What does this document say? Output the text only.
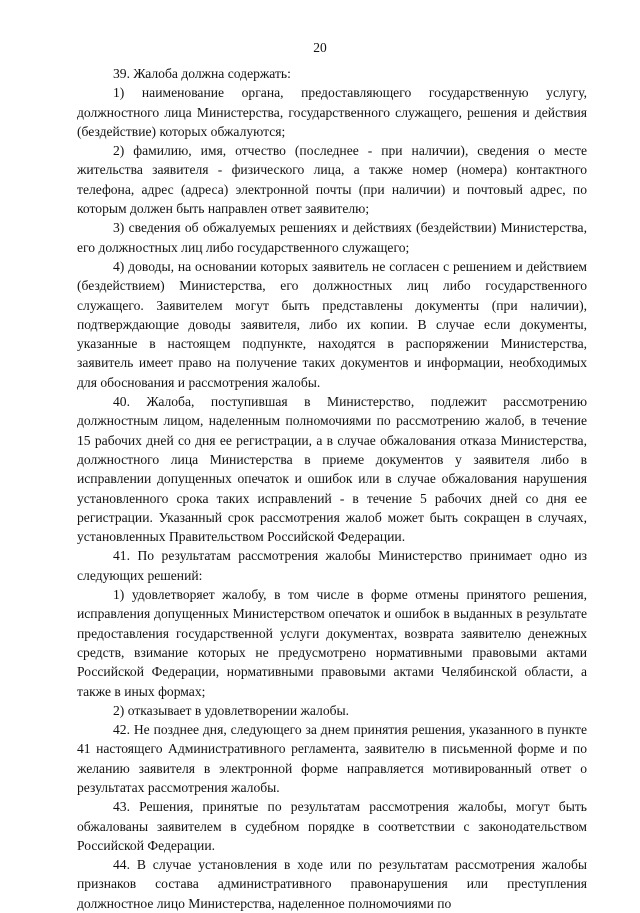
20

39. Жалоба должна содержать:

1) наименование органа, предоставляющего государственную услугу, должностного лица Министерства, государственного служащего, решения и действия (бездействие) которых обжалуются;

2) фамилию, имя, отчество (последнее - при наличии), сведения о месте жительства заявителя - физического лица, а также номер (номера) контактного телефона, адрес (адреса) электронной почты (при наличии) и почтовый адрес, по которым должен быть направлен ответ заявителю;

3) сведения об обжалуемых решениях и действиях (бездействии) Министерства, его должностных лиц либо государственного служащего;

4) доводы, на основании которых заявитель не согласен с решением и действием (бездействием) Министерства, его должностных лиц либо государственного служащего. Заявителем могут быть представлены документы (при наличии), подтверждающие доводы заявителя, либо их копии. В случае если документы, указанные в настоящем подпункте, находятся в распоряжении Министерства, заявитель имеет право на получение таких документов и информации, необходимых для обоснования и рассмотрения жалобы.

40. Жалоба, поступившая в Министерство, подлежит рассмотрению должностным лицом, наделенным полномочиями по рассмотрению жалоб, в течение 15 рабочих дней со дня ее регистрации, а в случае обжалования отказа Министерства, должностного лица Министерства в приеме документов у заявителя либо в исправлении допущенных опечаток и ошибок или в случае обжалования нарушения установленного срока таких исправлений - в течение 5 рабочих дней со дня ее регистрации. Указанный срок рассмотрения жалоб может быть сокращен в случаях, установленных Правительством Российской Федерации.

41. По результатам рассмотрения жалобы Министерство принимает одно из следующих решений:

1) удовлетворяет жалобу, в том числе в форме отмены принятого решения, исправления допущенных Министерством опечаток и ошибок в выданных в результате предоставления государственной услуги документах, возврата заявителю денежных средств, взимание которых не предусмотрено нормативными правовыми актами Российской Федерации, нормативными правовыми актами Челябинской области, а также в иных формах;

2) отказывает в удовлетворении жалобы.

42. Не позднее дня, следующего за днем принятия решения, указанного в пункте 41 настоящего Административного регламента, заявителю в письменной форме и по желанию заявителя в электронной форме направляется мотивированный ответ о результатах рассмотрения жалобы.

43. Решения, принятые по результатам рассмотрения жалобы, могут быть обжалованы заявителем в судебном порядке в соответствии с законодательством Российской Федерации.

44. В случае установления в ходе или по результатам рассмотрения жалобы признаков состава административного правонарушения или преступления должностное лицо Министерства, наделенное полномочиями по
